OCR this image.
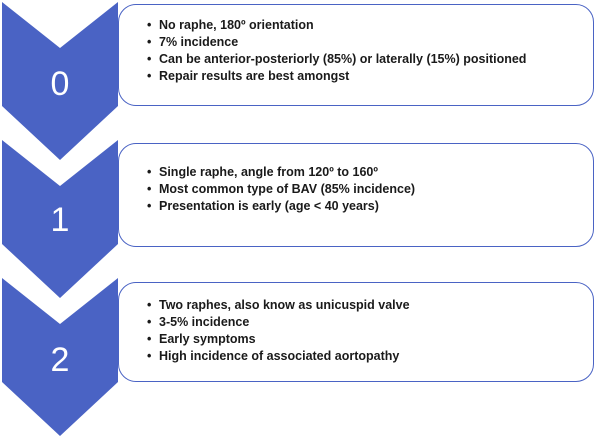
0
• No raphe, 180º orientation
• 7% incidence
• Can be anterior-posteriorly (85%) or laterally (15%) positioned
• Repair results are best amongst
1
• Single raphe, angle from 120º to 160º
• Most common type of BAV (85% incidence)
• Presentation is early (age < 40 years)
2
• Two raphes, also know as unicuspid valve
• 3-5% incidence
• Early symptoms
• High incidence of associated aortopathy
